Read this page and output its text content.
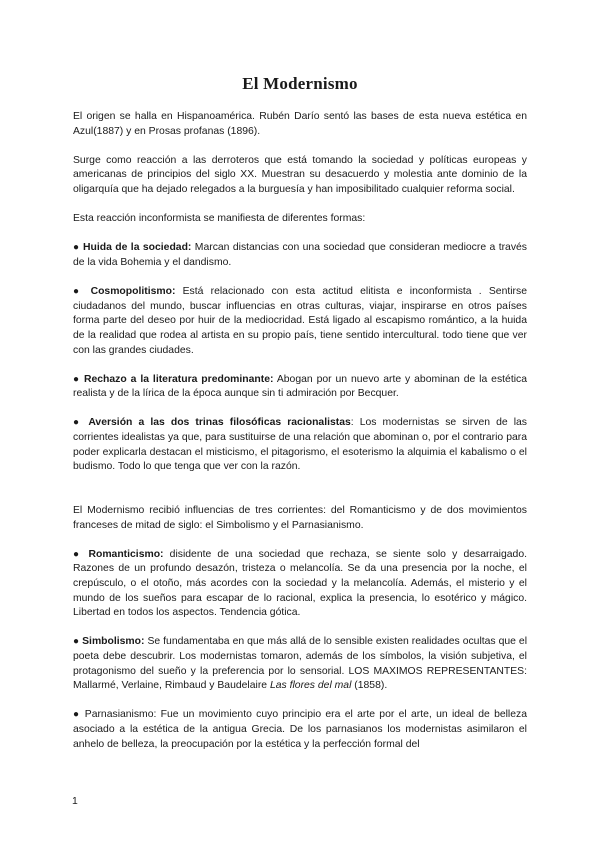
El Modernismo

El origen se halla en Hispanoamérica. Rubén Darío sentó las bases de esta nueva estética en Azul(1887) y en Prosas profanas (1896).

Surge como reacción a las derroteros que está tomando la sociedad y políticas europeas y americanas de principios del siglo XX. Muestran su desacuerdo y molestia ante dominio de la oligarquía que ha dejado relegados a la burguesía y han imposibilitado cualquier reforma social.

Esta reacción inconformista se manifiesta de diferentes formas:

● Huida de la sociedad: Marcan distancias con una sociedad que consideran mediocre a través de la vida Bohemia y el dandismo.

● Cosmopolitismo: Está relacionado con esta actitud elitista e inconformista . Sentirse ciudadanos del mundo, buscar influencias en otras culturas, viajar, inspirarse en otros países forma parte del deseo por huir de la mediocridad. Está ligado al escapismo romántico, a la huida de la realidad que rodea al artista en su propio país, tiene sentido intercultural. todo tiene que ver con las grandes ciudades.

● Rechazo a la literatura predominante: Abogan por un nuevo arte y abominan de la estética realista y de la lírica de la época aunque sin ti admiración por Becquer.

● Aversión a las dos trinas filosóficas racionalistas: Los modernistas se sirven de las corrientes idealistas ya que, para sustituirse de una relación que abominan o, por el contrario para poder explicarla destacan el misticismo, el pitagorismo, el esoterismo la alquimia el kabalismo o el budismo. Todo lo que tenga que ver con la razón.

El Modernismo recibió influencias de tres corrientes: del Romanticismo y de dos movimientos franceses de mitad de siglo: el Simbolismo y el Parnasianismo.

● Romanticismo: disidente de una sociedad que rechaza, se siente solo y desarraigado. Razones de un profundo desazón, tristeza o melancolía. Se da una presencia por la noche, el crepúsculo, o el otoño, más acordes con la sociedad y la melancolía. Además, el misterio y el mundo de los sueños para escapar de lo racional, explica la presencia, lo esotérico y mágico. Libertad en todos los aspectos. Tendencia gótica.

● Simbolismo: Se fundamentaba en que más allá de lo sensible existen realidades ocultas que el poeta debe descubrir. Los modernistas tomaron, además de los símbolos, la visión subjetiva, el protagonismo del sueño y la preferencia por lo sensorial. LOS MAXIMOS REPRESENTANTES: Mallarmé, Verlaine, Rimbaud y Baudelaire Las flores del mal (1858).

● Parnasianismo: Fue un movimiento cuyo principio era el arte por el arte, un ideal de belleza asociado a la estética de la antigua Grecia. De los parnasianos los modernistas asimilaron el anhelo de belleza, la preocupación por la estética y la perfección formal del

1
